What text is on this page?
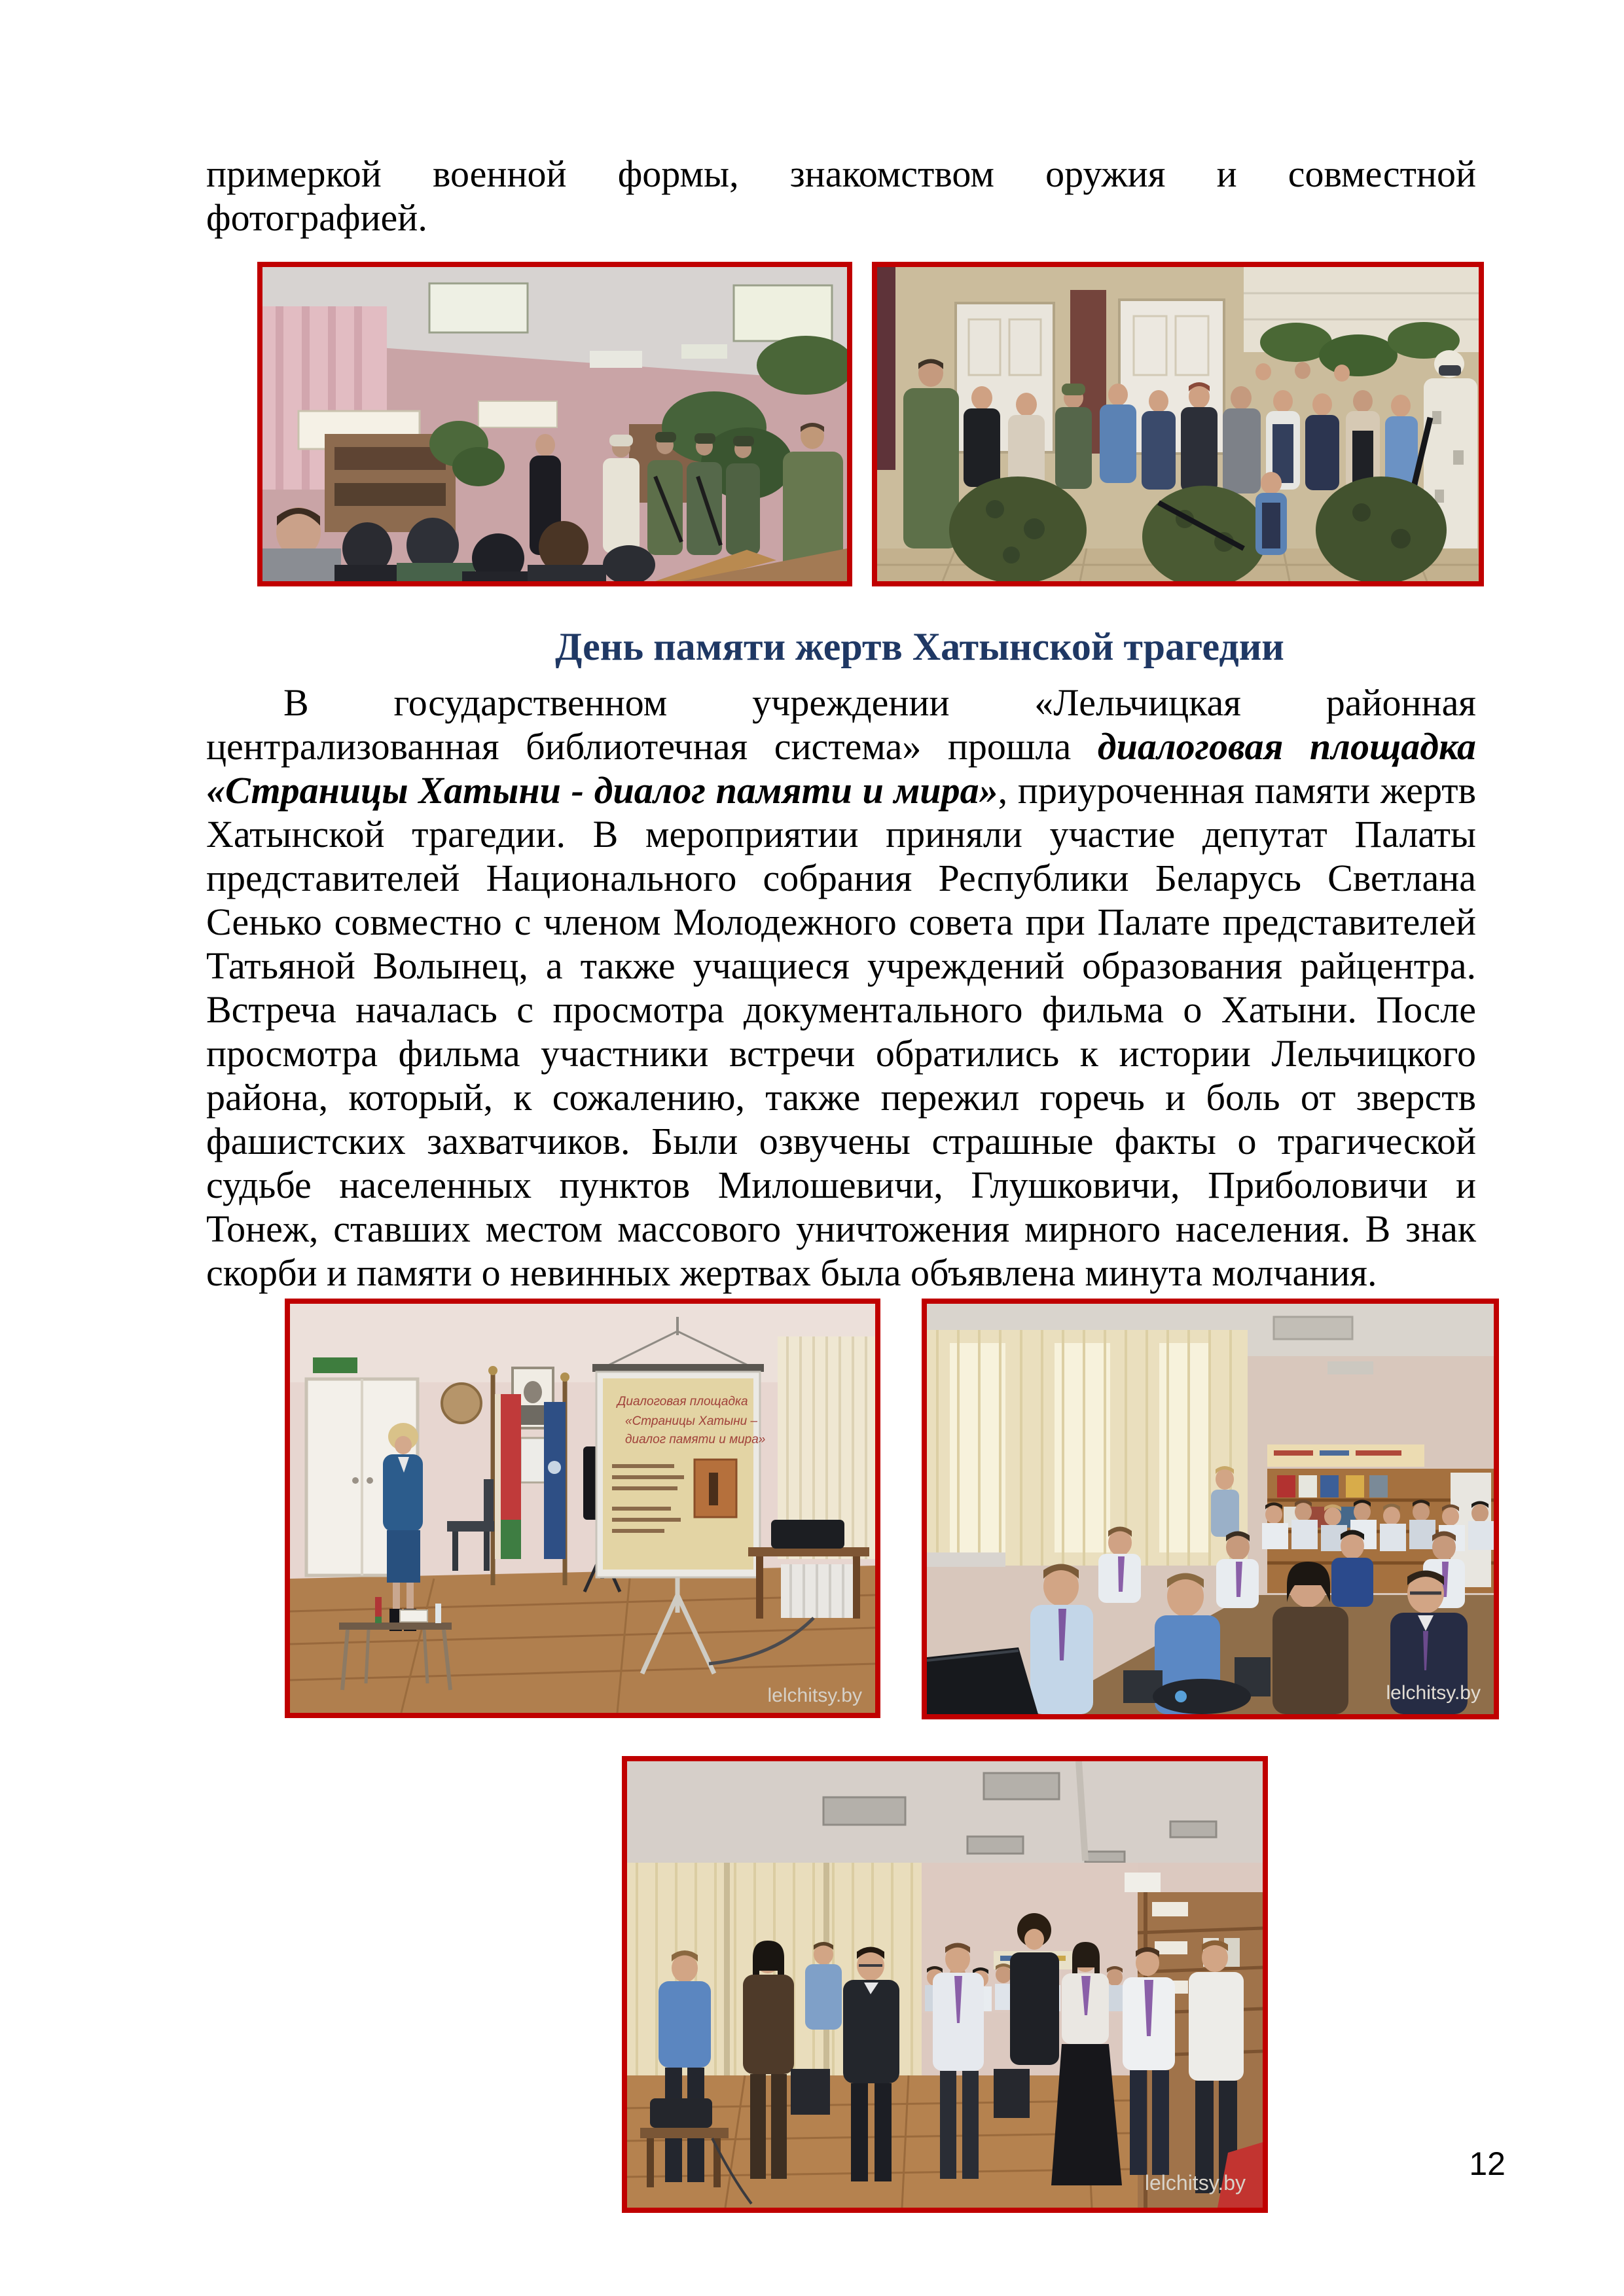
примеркой военной формы, знакомством оружия и совместной
фотографией.

День памяти жертв Хатынской трагедии

В государственном учреждении «Лельчицкая районная централизованная библиотечная система» прошла диалоговая площадка «Страницы Хатыни - диалог памяти и мира», приуроченная памяти жертв Хатынской трагедии. В мероприятии приняли участие депутат Палаты представителей Национального собрания Республики Беларусь Светлана Сенько совместно с членом Молодежного совета при Палате представителей Татьяной Волынец, а также учащиеся учреждений образования райцентра. Встреча началась с просмотра документального фильма о Хатыни. После просмотра фильма участники встречи обратились к истории Лельчицкого района, который, к сожалению, также пережил горечь и боль от зверств фашистских захватчиков. Были озвучены страшные факты о трагической судьбе населенных пунктов Милошевичи, Глушковичи, Приболовичи и Тонеж, ставших местом массового уничтожения мирного населения. В знак скорби и памяти о невинных жертвах была объявлена минута молчания.

Диалоговая площадка
«Страницы Хатыни –
диалог памяти и мира»
lelchitsy.by	lelchitsy.by
lelchitsy.by
12
